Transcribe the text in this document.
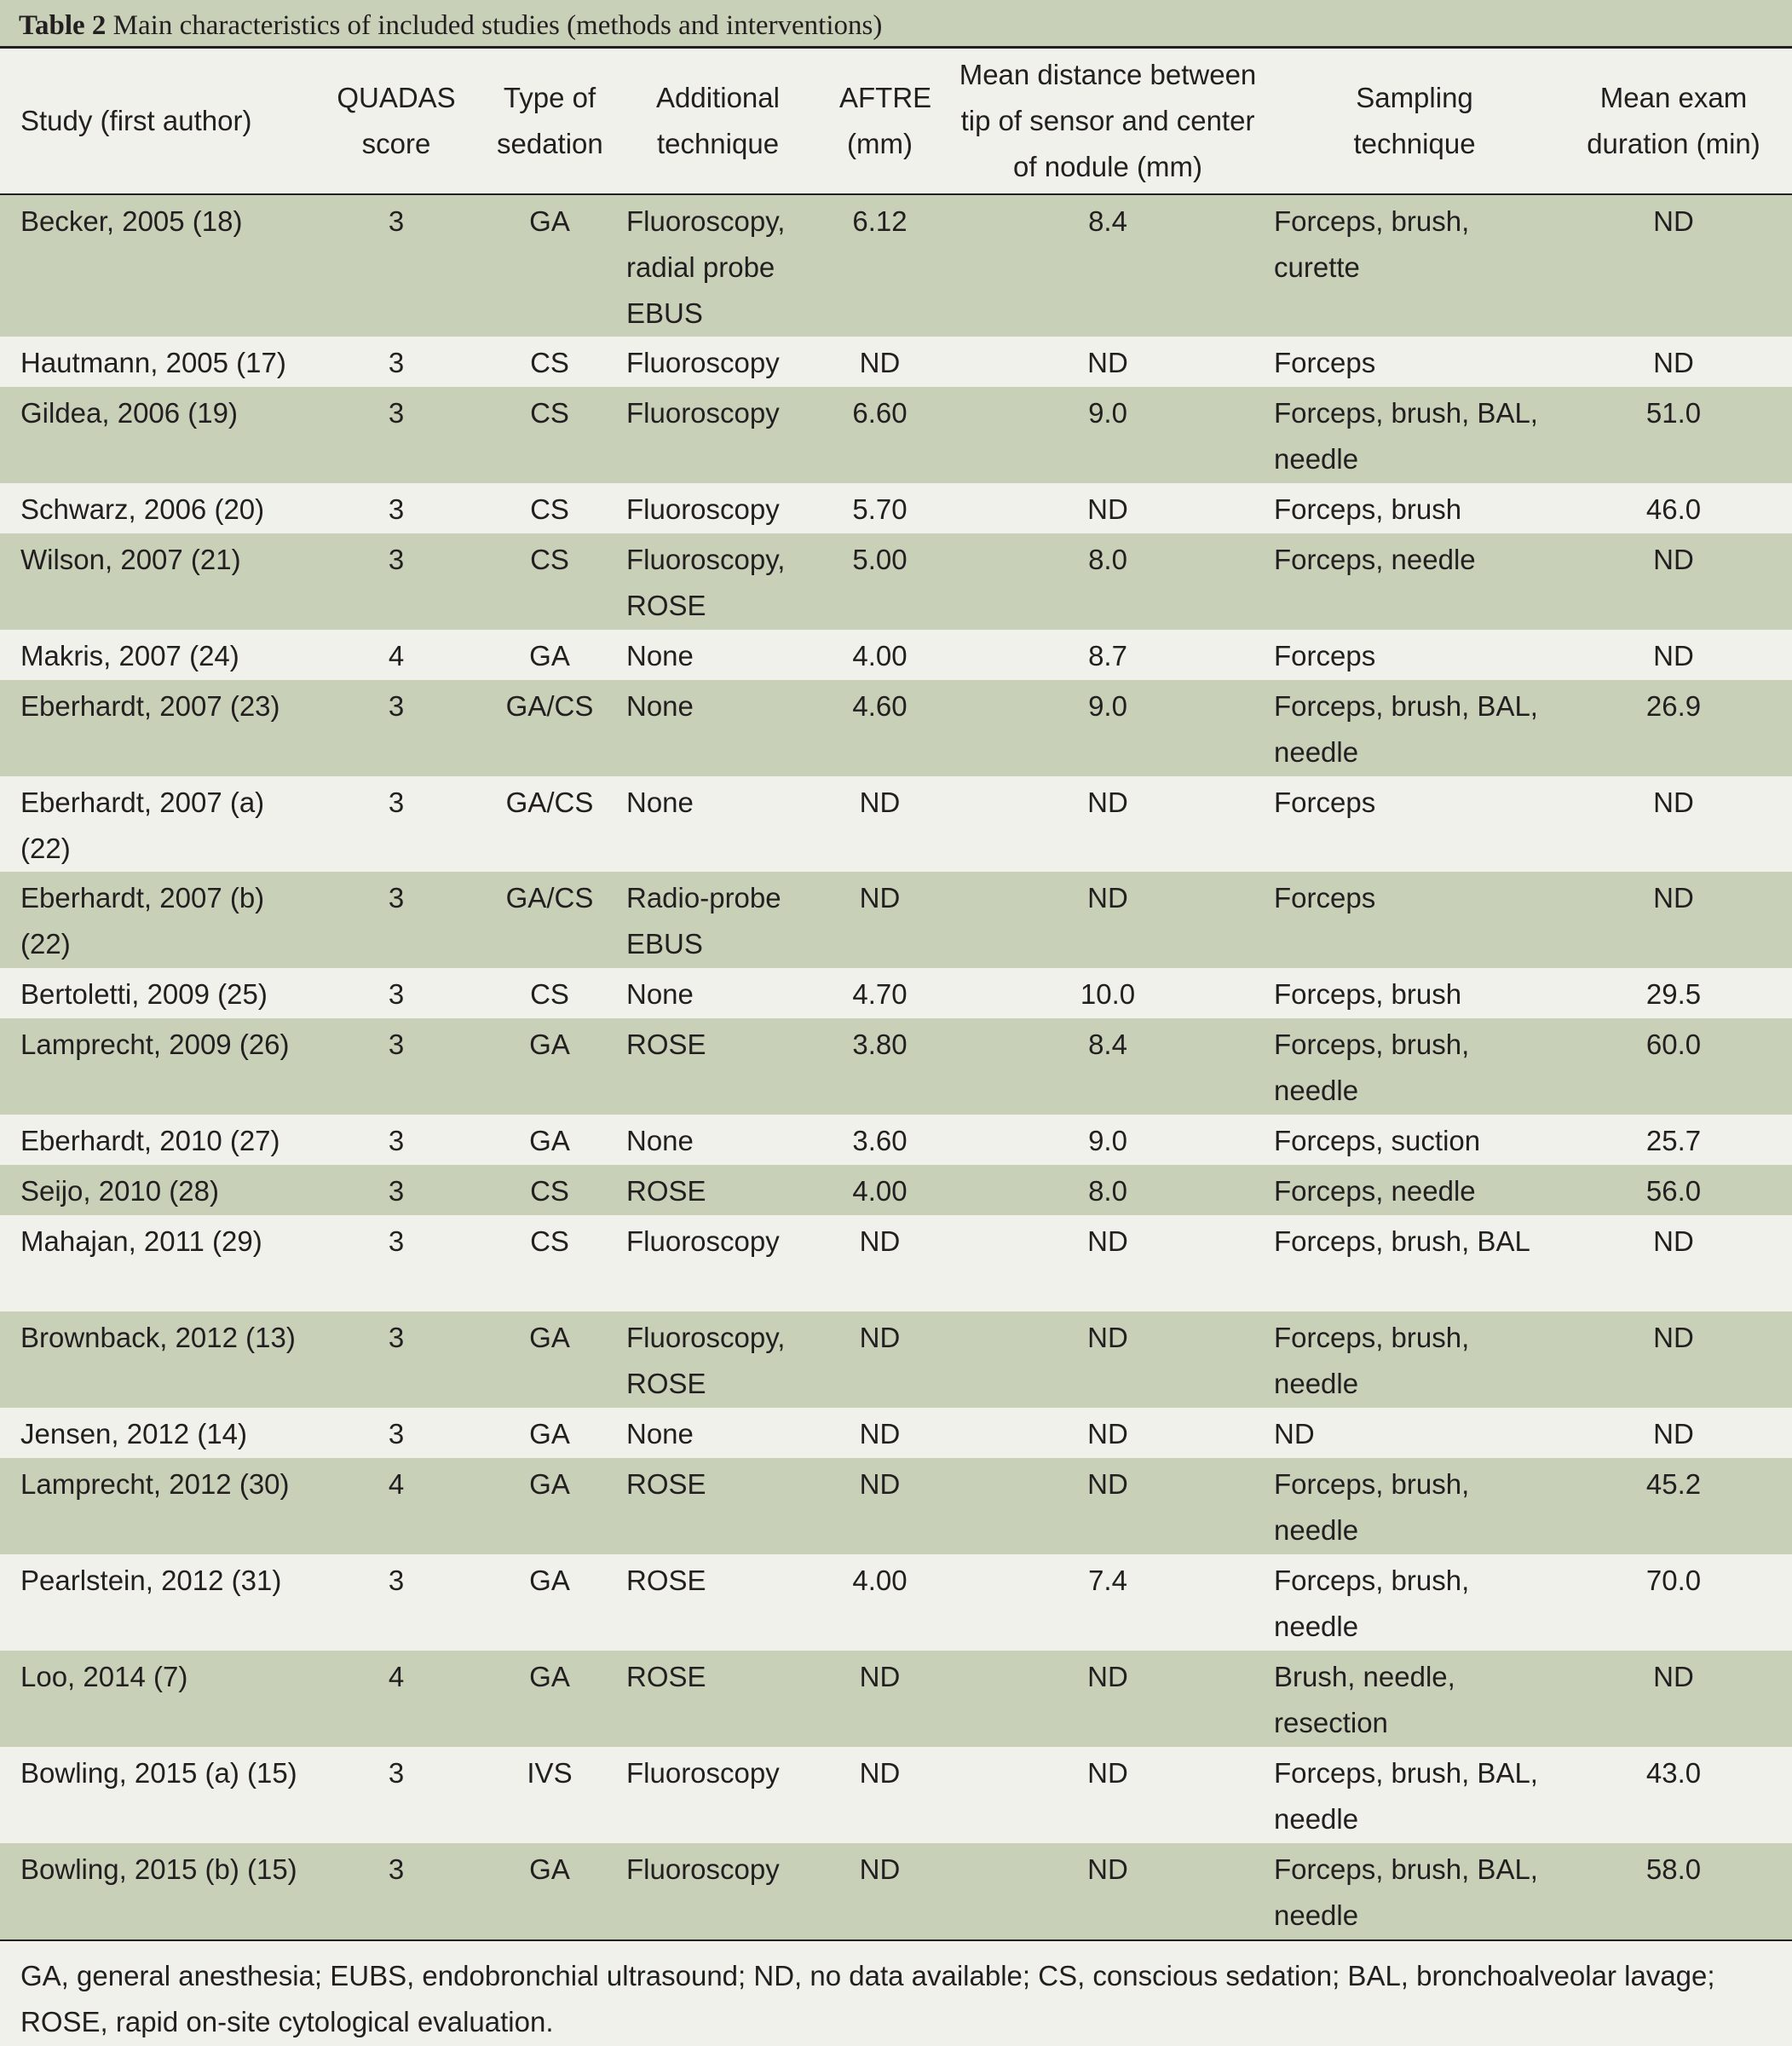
Table 2 Main characteristics of included studies (methods and interventions)
Study (first author)	QUADAS score	Type of sedation	Additional technique	AFTRE (mm)	Mean distance between tip of sensor and center of nodule (mm)	Sampling technique	Mean exam duration (min)
Becker, 2005 (18)	3	GA	Fluoroscopy, radial probe EBUS	6.12	8.4	Forceps, brush, curette	ND
Hautmann, 2005 (17)	3	CS	Fluoroscopy	ND	ND	Forceps	ND
Gildea, 2006 (19)	3	CS	Fluoroscopy	6.60	9.0	Forceps, brush, BAL, needle	51.0
Schwarz, 2006 (20)	3	CS	Fluoroscopy	5.70	ND	Forceps, brush	46.0
Wilson, 2007 (21)	3	CS	Fluoroscopy, ROSE	5.00	8.0	Forceps, needle	ND
Makris, 2007 (24)	4	GA	None	4.00	8.7	Forceps	ND
Eberhardt, 2007 (23)	3	GA/CS	None	4.60	9.0	Forceps, brush, BAL, needle	26.9
Eberhardt, 2007 (a) (22)	3	GA/CS	None	ND	ND	Forceps	ND
Eberhardt, 2007 (b) (22)	3	GA/CS	Radio-probe EBUS	ND	ND	Forceps	ND
Bertoletti, 2009 (25)	3	CS	None	4.70	10.0	Forceps, brush	29.5
Lamprecht, 2009 (26)	3	GA	ROSE	3.80	8.4	Forceps, brush, needle	60.0
Eberhardt, 2010 (27)	3	GA	None	3.60	9.0	Forceps, suction	25.7
Seijo, 2010 (28)	3	CS	ROSE	4.00	8.0	Forceps, needle	56.0
Mahajan, 2011 (29)	3	CS	Fluoroscopy	ND	ND	Forceps, brush, BAL	ND
Brownback, 2012 (13)	3	GA	Fluoroscopy, ROSE	ND	ND	Forceps, brush, needle	ND
Jensen, 2012 (14)	3	GA	None	ND	ND	ND	ND
Lamprecht, 2012 (30)	4	GA	ROSE	ND	ND	Forceps, brush, needle	45.2
Pearlstein, 2012 (31)	3	GA	ROSE	4.00	7.4	Forceps, brush, needle	70.0
Loo, 2014 (7)	4	GA	ROSE	ND	ND	Brush, needle, resection	ND
Bowling, 2015 (a) (15)	3	IVS	Fluoroscopy	ND	ND	Forceps, brush, BAL, needle	43.0
Bowling, 2015 (b) (15)	3	GA	Fluoroscopy	ND	ND	Forceps, brush, BAL, needle	58.0
GA, general anesthesia; EUBS, endobronchial ultrasound; ND, no data available; CS, conscious sedation; BAL, bronchoalveolar lavage; ROSE, rapid on-site cytological evaluation.
